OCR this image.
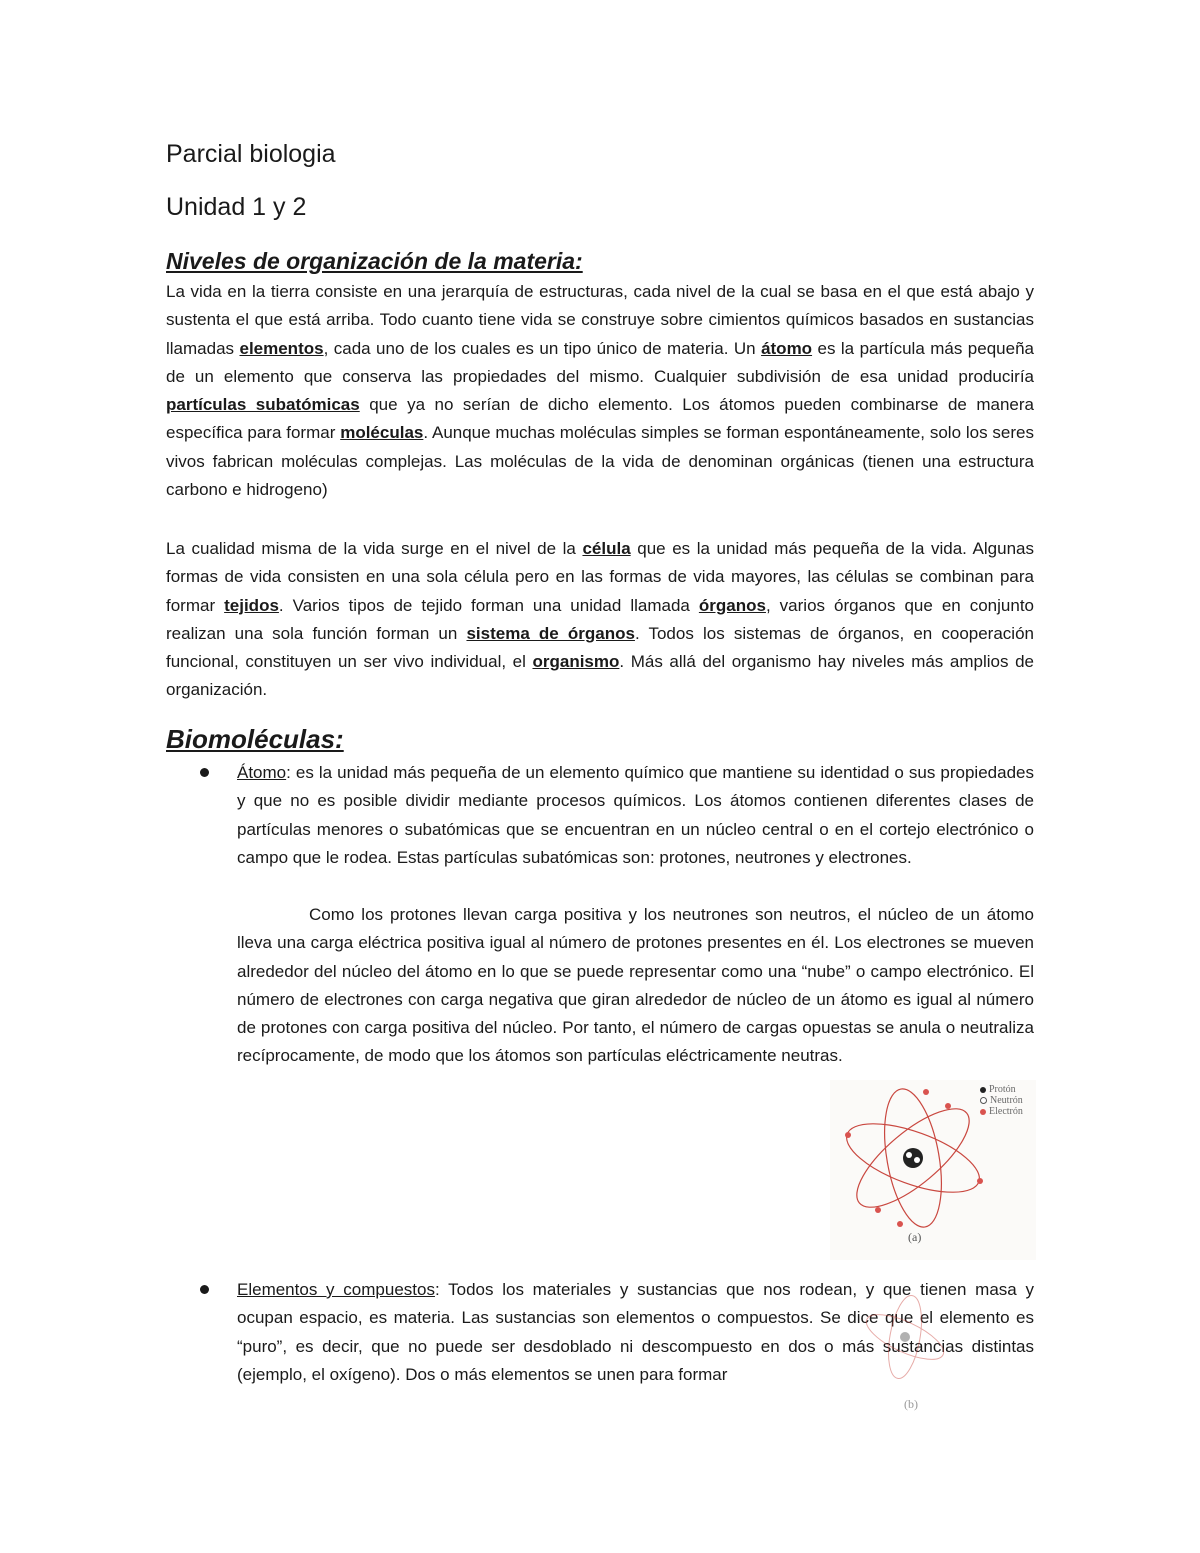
Parcial biologia
Unidad 1 y 2
Niveles de organización de la materia:

La vida en la tierra consiste en una jerarquía de estructuras, cada nivel de la cual se basa en el que está abajo y sustenta el que está arriba. Todo cuanto tiene vida se construye sobre cimientos químicos basados en sustancias llamadas elementos, cada uno de los cuales es un tipo único de materia. Un átomo es la partícula más pequeña de un elemento que conserva las propiedades del mismo. Cualquier subdivisión de esa unidad produciría partículas subatómicas que ya no serían de dicho elemento. Los átomos pueden combinarse de manera específica para formar moléculas. Aunque muchas moléculas simples se forman espontáneamente, solo los seres vivos fabrican moléculas complejas. Las moléculas de la vida de denominan orgánicas (tienen una estructura carbono e hidrogeno)

La cualidad misma de la vida surge en el nivel de la célula que es la unidad más pequeña de la vida. Algunas formas de vida consisten en una sola célula pero en las formas de vida mayores, las células se combinan para formar tejidos. Varios tipos de tejido forman una unidad llamada órganos, varios órganos que en conjunto realizan una sola función forman un sistema de órganos. Todos los sistemas de órganos, en cooperación funcional, constituyen un ser vivo individual, el organismo. Más allá del organismo hay niveles más amplios de organización.

Biomoléculas:

Átomo: es la unidad más pequeña de un elemento químico que mantiene su identidad o sus propiedades y que no es posible dividir mediante procesos químicos. Los átomos contienen diferentes clases de partículas menores o subatómicas que se encuentran en un núcleo central o en el cortejo electrónico o campo que le rodea. Estas partículas subatómicas son: protones, neutrones y electrones.

Como los protones llevan carga positiva y los neutrones son neutros, el núcleo de un átomo lleva una carga eléctrica positiva igual al número de protones presentes en él. Los electrones se mueven alrededor del núcleo del átomo en lo que se puede representar como una “nube” o campo electrónico. El número de electrones con carga negativa que giran alrededor de núcleo de un átomo es igual al número de protones con carga positiva del núcleo. Por tanto, el número de cargas opuestas se anula o neutraliza recíprocamente, de modo que los átomos son partículas eléctricamente neutras.

Elementos y compuestos: Todos los materiales y sustancias que nos rodean, y que tienen masa y ocupan espacio, es materia. Las sustancias son elementos o compuestos. Se dice que el elemento es “puro”, es decir, que no puede ser desdoblado ni descompuesto en dos o más sustancias distintas (ejemplo, el oxígeno). Dos o más elementos se unen para formar

Protón
Neutrón
Electrón
(a)
(b)
